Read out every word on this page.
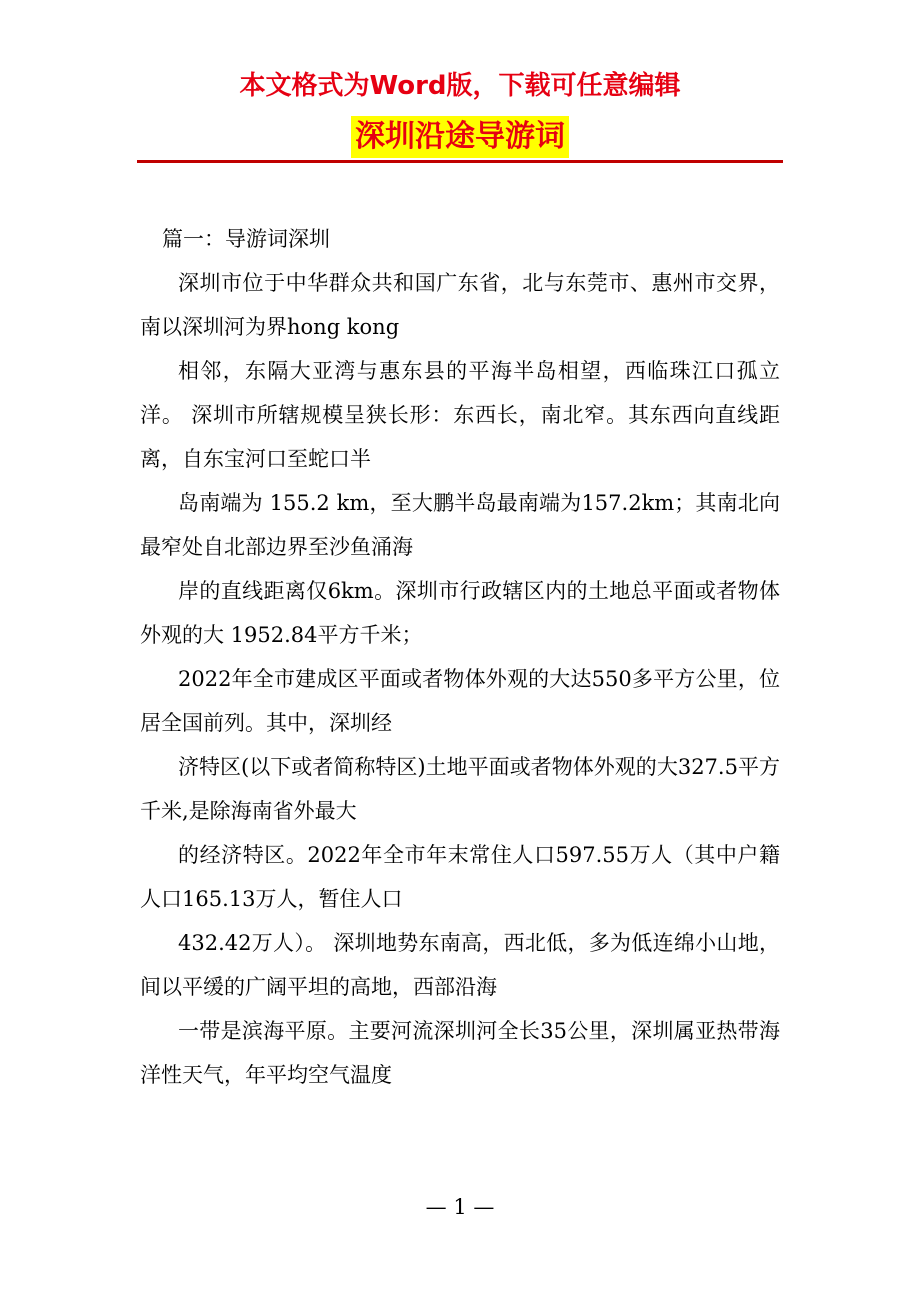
本文格式为Word版，下载可任意编辑
深圳沿途导游词

篇一：导游词深圳

深圳市位于中华群众共和国广东省，北与东莞市、惠州市交界，南以深圳河为界hong kong

相邻，东隔大亚湾与惠东县的平海半岛相望，西临珠江口孤立洋。 深圳市所辖规模呈狭长形：东西长，南北窄。其东西向直线距离，自东宝河口至蛇口半

岛南端为 155.2 km，至大鹏半岛最南端为157.2km；其南北向最窄处自北部边界至沙鱼涌海

岸的直线距离仅6km。深圳市行政辖区内的土地总平面或者物体外观的大 1952.84平方千米；

2022年全市建成区平面或者物体外观的大达550多平方公里，位居全国前列。其中，深圳经

济特区(以下或者简称特区)土地平面或者物体外观的大327.5平方千米,是除海南省外最大

的经济特区。2022年全市年末常住人口597.55万人（其中户籍人口165.13万人，暂住人口

432.42万人）。 深圳地势东南高，西北低，多为低连绵小山地，间以平缓的广阔平坦的高地，西部沿海

一带是滨海平原。主要河流深圳河全长35公里，深圳属亚热带海洋性天气，年平均空气温度

— 1 —
